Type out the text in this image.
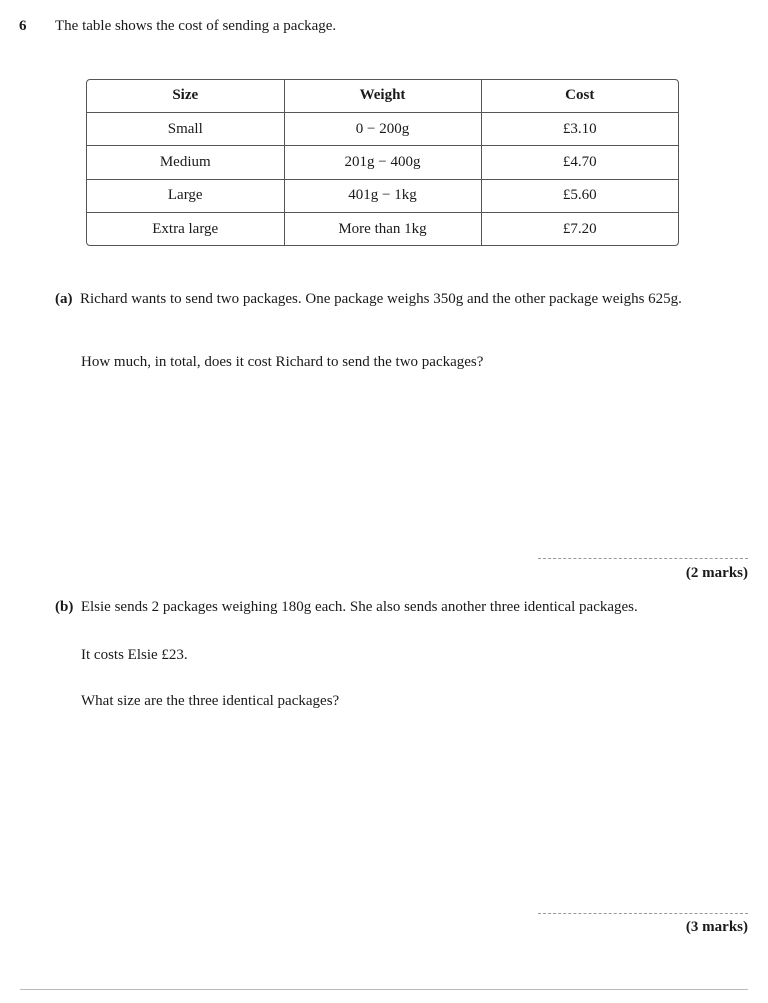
6 The table shows the cost of sending a package.
Size	Weight	Cost
Small	0 − 200g	£3.10
Medium	201g − 400g	£4.70
Large	401g − 1kg	£5.60
Extra large	More than 1kg	£7.20
(a) Richard wants to send two packages. One package weighs 350g and the other package weighs 625g.
How much, in total, does it cost Richard to send the two packages?
(2 marks)
(b) Elsie sends 2 packages weighing 180g each. She also sends another three identical packages.
It costs Elsie £23.
What size are the three identical packages?
(3 marks)
